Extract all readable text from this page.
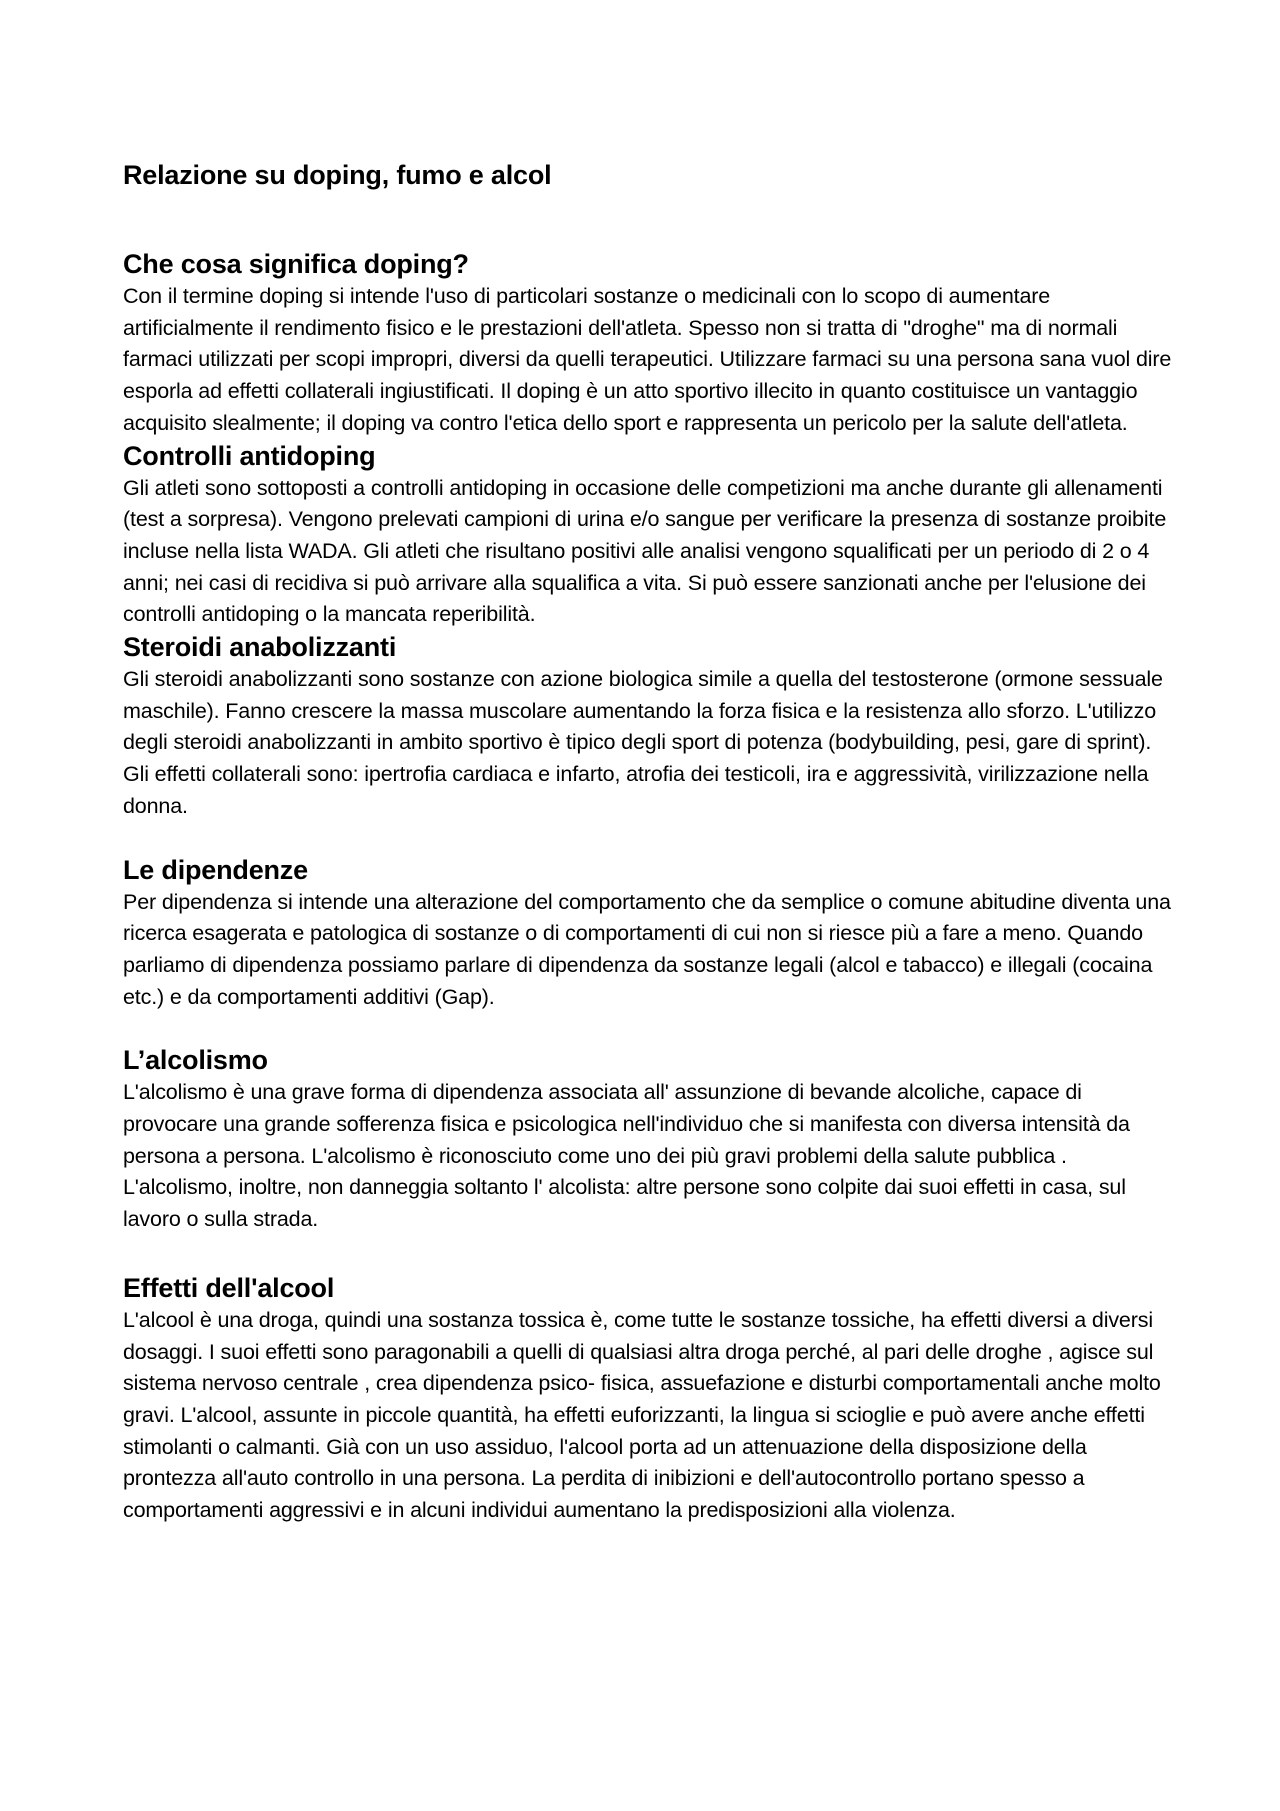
Relazione su doping, fumo e alcol
Che cosa significa doping?

Con il termine doping si intende l'uso di particolari sostanze o medicinali con lo scopo di aumentare artificialmente il rendimento fisico e le prestazioni dell'atleta. Spesso non si tratta di "droghe" ma di normali farmaci utilizzati per scopi impropri, diversi da quelli terapeutici. Utilizzare farmaci su una persona sana vuol dire esporla ad effetti collaterali ingiustificati. Il doping è un atto sportivo illecito in quanto costituisce un vantaggio acquisito slealmente; il doping va contro l'etica dello sport e rappresenta un pericolo per la salute dell'atleta.

Controlli antidoping

Gli atleti sono sottoposti a controlli antidoping in occasione delle competizioni ma anche durante gli allenamenti (test a sorpresa). Vengono prelevati campioni di urina e/o sangue per verificare la presenza di sostanze proibite incluse nella lista WADA. Gli atleti che risultano positivi alle analisi vengono squalificati per un periodo di 2 o 4 anni; nei casi di recidiva si può arrivare alla squalifica a vita. Si può essere sanzionati anche per l'elusione dei controlli antidoping o la mancata reperibilità.

Steroidi anabolizzanti

Gli steroidi anabolizzanti sono sostanze con azione biologica simile a quella del testosterone (ormone sessuale maschile). Fanno crescere la massa muscolare aumentando la forza fisica e la resistenza allo sforzo. L'utilizzo degli steroidi anabolizzanti in ambito sportivo è tipico degli sport di potenza (bodybuilding, pesi, gare di sprint). Gli effetti collaterali sono: ipertrofia cardiaca e infarto, atrofia dei testicoli, ira e aggressività, virilizzazione nella donna.

Le dipendenze

Per dipendenza si intende una alterazione del comportamento che da semplice o comune abitudine diventa una ricerca esagerata e patologica di sostanze o di comportamenti di cui non si riesce più a fare a meno. Quando parliamo di dipendenza possiamo parlare di dipendenza da sostanze legali (alcol e tabacco) e illegali (cocaina etc.) e da comportamenti additivi (Gap).

L’alcolismo

L'alcolismo è una grave forma di dipendenza associata all' assunzione di bevande alcoliche, capace di provocare una grande sofferenza fisica e psicologica nell'individuo che si manifesta con diversa intensità da persona a persona. L'alcolismo è riconosciuto come uno dei più gravi problemi della salute pubblica . L'alcolismo, inoltre, non danneggia soltanto l' alcolista: altre persone sono colpite dai suoi effetti in casa, sul lavoro o sulla strada.

Effetti dell'alcool

L'alcool è una droga, quindi una sostanza tossica è, come tutte le sostanze tossiche, ha effetti diversi a diversi dosaggi. I suoi effetti sono paragonabili a quelli di qualsiasi altra droga perché, al pari delle droghe , agisce sul sistema nervoso centrale , crea dipendenza psico- fisica, assuefazione e disturbi comportamentali anche molto gravi. L'alcool, assunte in piccole quantità, ha effetti euforizzanti, la lingua si scioglie e può avere anche effetti stimolanti o calmanti. Già con un uso assiduo, l'alcool porta ad un attenuazione della disposizione della prontezza all'auto controllo in una persona. La perdita di inibizioni e dell'autocontrollo portano spesso a comportamenti aggressivi e in alcuni individui aumentano la predisposizioni alla violenza.
